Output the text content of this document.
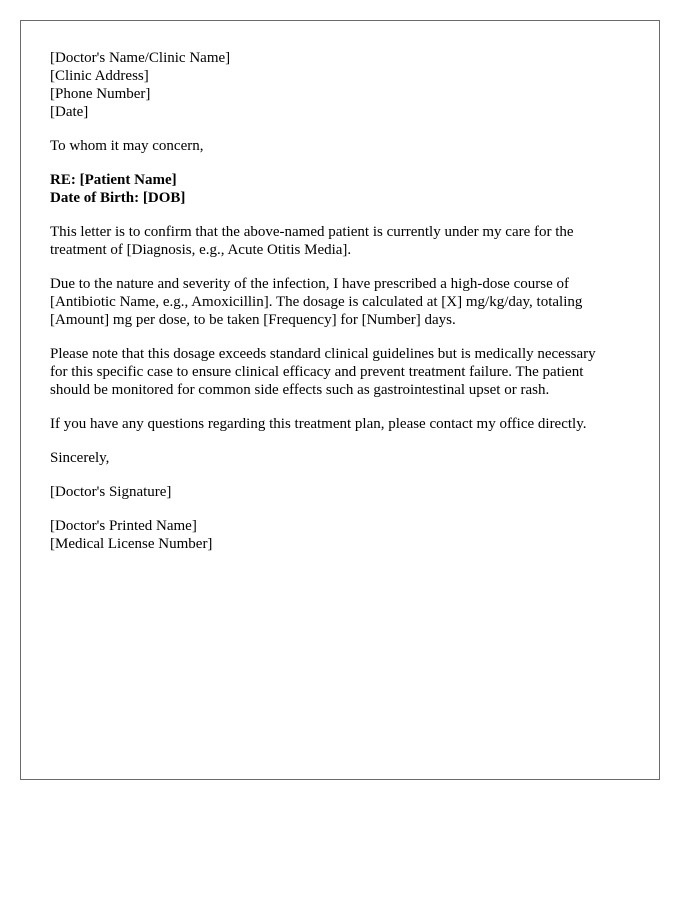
[Doctor's Name/Clinic Name]
[Clinic Address]
[Phone Number]
[Date]
To whom it may concern,
RE: [Patient Name]
Date of Birth: [DOB]
This letter is to confirm that the above-named patient is currently under my care for the
treatment of [Diagnosis, e.g., Acute Otitis Media].
Due to the nature and severity of the infection, I have prescribed a high-dose course of
[Antibiotic Name, e.g., Amoxicillin]. The dosage is calculated at [X] mg/kg/day, totaling
[Amount] mg per dose, to be taken [Frequency] for [Number] days.
Please note that this dosage exceeds standard clinical guidelines but is medically necessary
for this specific case to ensure clinical efficacy and prevent treatment failure. The patient
should be monitored for common side effects such as gastrointestinal upset or rash.
If you have any questions regarding this treatment plan, please contact my office directly.
Sincerely,
[Doctor's Signature]
[Doctor's Printed Name]
[Medical License Number]
